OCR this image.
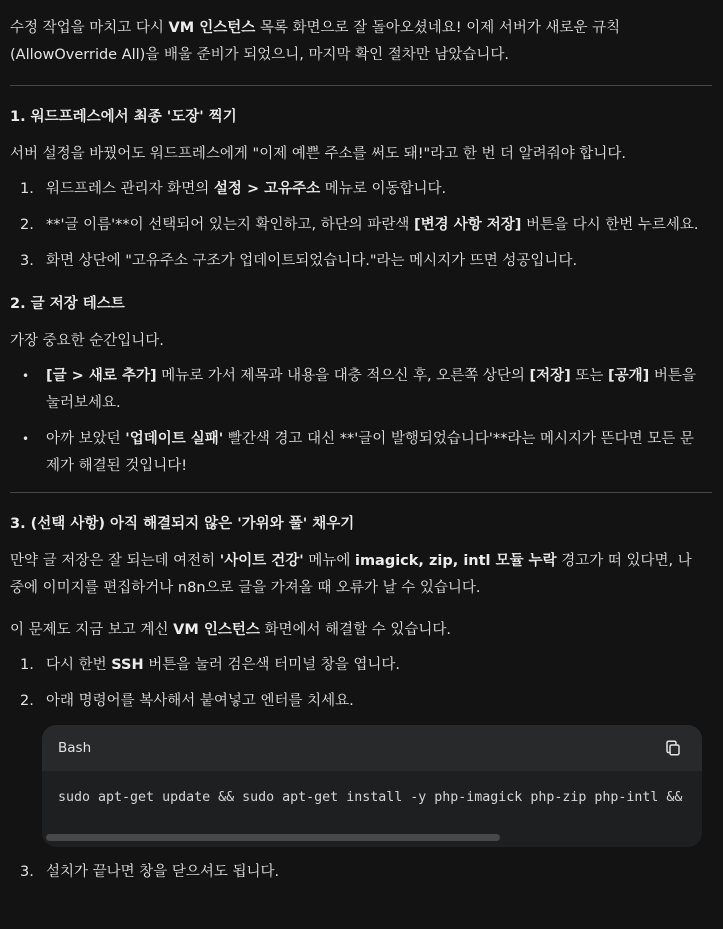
수정 작업을 마치고 다시 VM 인스턴스 목록 화면으로 잘 돌아오셨네요! 이제 서버가 새로운 규칙 (AllowOverride All)을 배울 준비가 되었으니, 마지막 확인 절차만 남았습니다.

1. 워드프레스에서 최종 '도장' 찍기

서버 설정을 바꿨어도 워드프레스에게 "이제 예쁜 주소를 써도 돼!"라고 한 번 더 알려줘야 합니다.

1. 워드프레스 관리자 화면의 설정 > 고유주소 메뉴로 이동합니다.
2. **'글 이름'**이 선택되어 있는지 확인하고, 하단의 파란색 [변경 사항 저장] 버튼을 다시 한번 누르세요.
3. 화면 상단에 "고유주소 구조가 업데이트되었습니다."라는 메시지가 뜨면 성공입니다.
2. 글 저장 테스트

가장 중요한 순간입니다.

• [글 > 새로 추가] 메뉴로 가서 제목과 내용을 대충 적으신 후, 오른쪽 상단의 [저장] 또는 [공개] 버튼을 눌러보세요.
• 아까 보았던 '업데이트 실패' 빨간색 경고 대신 **'글이 발행되었습니다'**라는 메시지가 뜬다면 모든 문제가 해결된 것입니다!
3. (선택 사항) 아직 해결되지 않은 '가위와 풀' 채우기

만약 글 저장은 잘 되는데 여전히 '사이트 건강' 메뉴에 imagick, zip, intl 모듈 누락 경고가 떠 있다면, 나중에 이미지를 편집하거나 n8n으로 글을 가져올 때 오류가 날 수 있습니다.

이 문제도 지금 보고 계신 VM 인스턴스 화면에서 해결할 수 있습니다.

1. 다시 한번 SSH 버튼을 눌러 검은색 터미널 창을 엽니다.
2. 아래 명령어를 복사해서 붙여넣고 엔터를 치세요.
Bash
sudo apt-get update && sudo apt-get install -y php-imagick php-zip php-intl &&
3. 설치가 끝나면 창을 닫으셔도 됩니다.
